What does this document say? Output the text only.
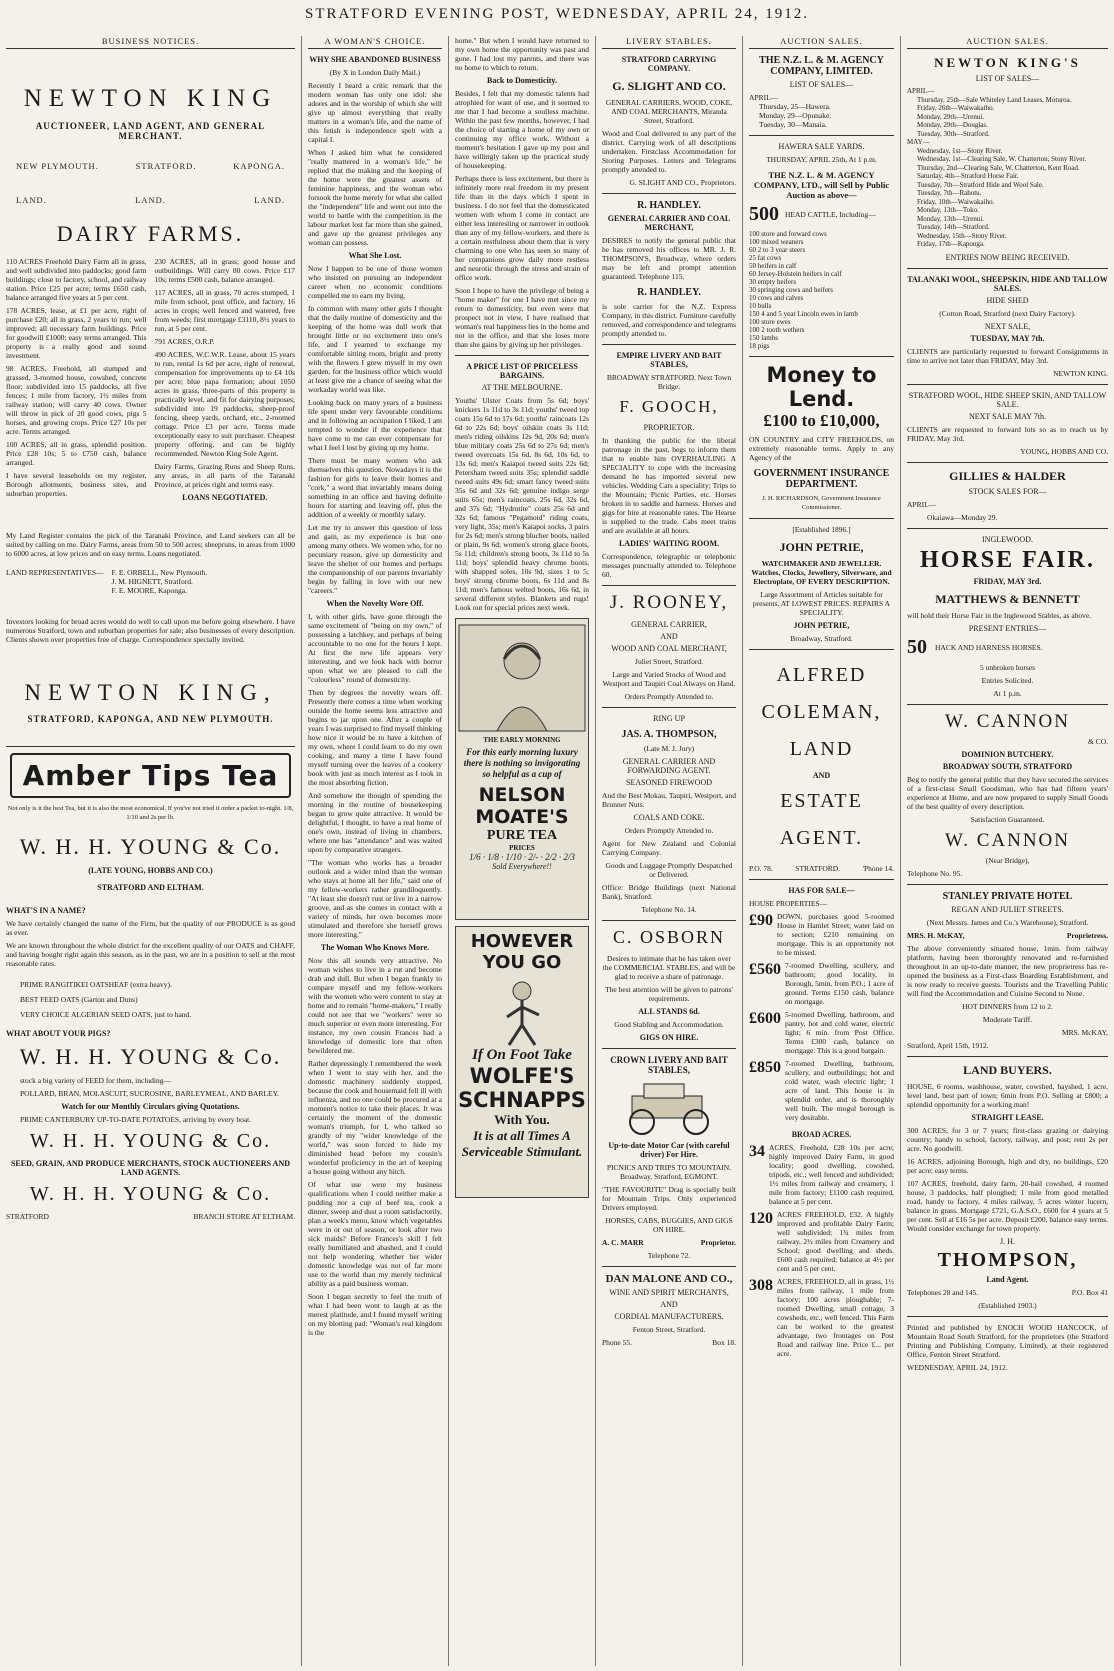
STRATFORD EVENING POST, WEDNESDAY, APRIL 24, 1912.
BUSINESS NOTICES.
NEWTON KING
AUCTIONEER, LAND AGENT, AND GENERAL MERCHANT.
NEW PLYMOUTH.	STRATFORD.	KAPONGA.
LAND.	LAND.	LAND.
DAIRY FARMS.

110 ACRES Freehold Dairy Farm all in grass, and well subdivided into paddocks; good farm buildings; close to factory, school, and railway station. Price £25 per acre; terms £650 cash, balance arranged five years at 5 per cent.

178 ACRES, lease, at £1 per acre, right of purchase £20; all in grass, 2 years to run; well improved; all necessary farm buildings. Price for goodwill £1000; easy terms arranged. This property is a really good and sound investment.

98 ACRES, Freehold, all stumped and grassed, 3-roomed house, cowshed, concrete floor; subdivided into 15 paddocks, all five fences; 1 mile from factory, 1½ miles from railway station; will carry 40 cows. Owner will throw in pick of 20 good cows, pigs 5 horses, and growing crops. Price £27 10s per acre. Terms arranged.

100 ACRES, all in grass, splendid position. Price £28 10s; 5 to £750 cash, balance arranged.

I have several leaseholds on my register, Borough allotments, business sites, and suburban properties.

230 ACRES, all in grass; good house and outbuildings. Will carry 80 cows. Price £17 10s; terms £500 cash, balance arranged.

117 ACRES, all in grass, 70 acres stumped, 1 mile from school, post office, and factory, 16 acres in crops; well fenced and watered, free from weeds; first mortgage £3110, 8½ years to run, at 5 per cent.

791 ACRES, O.R.P.

490 ACRES, W.C.W.R. Lease, about 15 years to run, rental 1s 6d per acre, right of renewal, compensation for improvements up to £4 10s per acre; blue papa formation; about 1050 acres in grass, three-parts of this property is practically level, and fit for dairying purposes; subdivided into 19 paddocks, sheep-proof fencing, sheep yards, orchard, etc., 2-roomed cottage. Price £3 per acre. Terms made exceptionally easy to suit purchaser. Cheapest property offering, and can be highly recommended. Newton King Sole Agent.

Dairy Farms, Grazing Runs and Sheep Runs, any areas, in all parts of the Taranaki Province, at prices right and terms easy.

LOANS NEGOTIATED.

My Land Register contains the pick of the Taranaki Province, and Land seekers can all be suited by calling on me. Dairy Farms, areas from 50 to 500 acres; sheepruns, in areas from 1000 to 6000 acres, at low prices and on easy terms. Loans negotiated.

LAND REPRESENTATIVES— F. E. ORBELL, New Plymouth.
J. M. HIGNETT, Stratford.
F. E. MOORE, Kaponga.

Investors looking for broad acres would do well to call upon me before going elsewhere. I have numerous Stratford, town and suburban properties for sale; also businesses of every description. Clients shown over properties free of charge. Correspondence specially invited.

NEWTON KING,
STRATFORD, KAPONGA, AND NEW PLYMOUTH.
Amber Tips Tea

Not only is it the best Tea, but it is also the most economical. If you've not tried it order a packet to-night. 1/8, 1/10 and 2s per lb.

W. H. H. YOUNG & Co.
(LATE YOUNG, HOBBS AND CO.)
STRATFORD AND ELTHAM.
WHAT'S IN A NAME?

We have certainly changed the name of the Firm, but the quality of our PRODUCE is as good as ever.

We are known throughout the whole district for the excellent quality of our OATS and CHAFF, and having bought right again this season, as in the past, we are in a position to sell at the most reasonable rates.

PRIME RANGITIKEI OATSHEAF (extra heavy).
BEST FEED OATS (Garton and Duns)
VERY CHOICE ALGERIAN SEED OATS, just to hand.
WHAT ABOUT YOUR PIGS?
W. H. H. YOUNG & Co.

stock a big variety of FEED for them, including—

POLLARD, BRAN, MOLASCUIT, SUCROSINE, BARLEYMEAL, AND BARLEY.

Watch for our Monthly Circulars giving Quotations.

PRIME CANTERBURY UP-TO-DATE POTATOES, arriving by every boat.

W. H. H. YOUNG & Co.
SEED, GRAIN, AND PRODUCE MERCHANTS, STOCK AUCTIONEERS AND LAND AGENTS.
W. H. H. YOUNG & Co.
STRATFORD	BRANCH STORE AT ELTHAM.
A WOMAN'S CHOICE.
WHY SHE ABANDONED BUSINESS
(By X in London Daily Mail.)

Recently I heard a critic remark that the modern woman has only one idol: she adores and in the worship of which she will give up almost everything that really matters in a woman's life, and the name of this fetish is independence spelt with a capital I.

When I asked him what he considered "really mattered in a woman's life," he replied that the making and the keeping of the home were the greatest assets of feminine happiness, and the woman who forsook the home merely for what she called the "independent" life and went out into the world to battle with the competition in the labour market lost far more than she gained, and gave up the greatest privileges any woman can possess.

What She Lost.

Now I happen to be one of those women who insisted on pursuing an independent career when no economic conditions compelled me to earn my living.

In common with many other girls I thought that the daily routine of domesticity and the keeping of the home was dull work that brought little or no excitement into one's life, and I yearned to exchange my comfortable sitting room, bright and pretty with the flowers I grew myself in my own garden, for the business office which would at least give me a chance of seeing what the workaday world was like.

Looking back on many years of a business life spent under very favourable conditions and in following an occupation I liked, I am tempted to wonder if the experience that have come to me can ever compensate for what I feel I lost by giving up my home.

There must be many women who ask themselves this question. Nowadays it is the fashion for girls to leave their homes and "cork," a word that invariably means doing something in an office and having definite hours for starting and leaving off, plus the addition of a weekly or monthly salary.

Let me try to answer this question of loss and gain, as my experience is but one among many others. We women who, for no pecuniary reason, give up domesticity and leave the shelter of our homes and perhaps the companionship of our parents invariably begin by falling in love with our new "careers."

When the Novelty Wore Off.

I, with other girls, have gone through the same excitement of "being on my own," of possessing a latchkey, and perhaps of being accountable to no one for the hours I kept. At first the new life appears very interesting, and we look back with horror upon what we are pleased to call the "colourless" round of domesticity.

Then by degrees the novelty wears off. Presently there comes a time when working outside the home seems less attractive and begins to jar upon one. After a couple of years I was surprised to find myself thinking how nice it would be to have a kitchen of my own, where I could learn to do my own cooking, and many a time I have found myself turning over the leaves of a cookery book with just as much interest as I took in the most absorbing fiction.

And somehow the thought of spending the morning in the routine of housekeeping began to grow quite attractive. It would be delightful, I thought, to have a real home of one's own, instead of living in chambers, where one has "attendance" and was waited upon by comparative strangers.

"The woman who works has a broader outlook and a wider mind than the woman who stays at home all her life," said one of my fellow-workers rather grandiloquently. "At least she doesn't rust or live in a narrow groove, and as she comes in contact with a variety of minds, her own becomes more stimulated and therefore she herself grows more interesting."

The Woman Who Knows More.

Now this all sounds very attractive. No woman wishes to live in a rut and become drab and dull. But when I began frankly to compare myself and my fellow-workers with the women who were content to stay at home and to remain "home-makers," I really could not see that we "workers" were so much superior or even more interesting. For instance, my own cousin Frances had a knowledge of domestic lore that often bewildered me.

Rather depressingly I remembered the week when I went to stay with her, and the domestic machinery suddenly stopped, because the cook and housemaid fell ill with influenza, and no one could be procured at a moment's notice to take their places. It was certainly the moment of the domestic woman's triumph, for I, who talked so grandly of my "wider knowledge of the world," was soon forced to hide my diminished head before my cousin's wonderful proficiency in the art of keeping a house going without any hitch.

Of what use were my business qualifications when I could neither make a pudding nor a cup of beef tea, cook a dinner, sweep and dust a room satisfactorily, plan a week's menu, know which vegetables were in or out of season, or look after two sick maids? Before Frances's skill I felt really humiliated and abashed, and I could not help wondering whether her wider domestic knowledge was not of far more use to the world than my merely technical ability as a paid business woman.

Soon I began secretly to feel the truth of what I had been wont to laugh at as the merest platitude, and I found myself writing on my blotting pad: "Woman's real kingdom is the

home." But when I would have returned to my own home the opportunity was past and gone. I had lost my parents, and there was no home to which to return.

Back to Domesticity.

Besides, I felt that my domestic talents had atrophied for want of use, and it seemed to me that I had become a soulless machine. Within the past few months, however, I had the choice of starting a home of my own or continuing my office work. Without a moment's hesitation I gave up my post and have willingly taken up the practical study of housekeeping.

Perhaps there is less excitement, but there is infinitely more real freedom in my present life than in the days which I spent in business. I do not feel that the domesticated women with whom I come in contact are either less interesting or narrower in outlook than any of my fellow-workers, and there is a certain restfulness about them that is very charming to one who has seen so many of her companions grow daily more restless and neurotic through the stress and strain of office work.

Soon I hope to have the privilege of being a "home maker" for one I have met since my return to domesticity, but even were that prospect not in view, I have realised that woman's real happiness lies in the home and not in the office, and that she loses more than she gains by giving up her privileges.

A PRICE LIST OF PRICELESS BARGAINS.
AT THE MELBOURNE.

Youths' Ulster Coats from 5s 6d; boys' knickers 1s 11d to 3s 11d; youths' tweed top coats 15s 6d to 17s 6d; youths' raincoats 12s 6d to 22s 6d; boys' oilskin coats 3s 11d; men's riding oilskins 12s 9d, 20s 6d; men's blue military coats 25s 6d to 27s 6d; men's tweed overcoats 15s 6d, 8s 6d, 10s 6d, to 13s 6d; men's Kaiapoi tweed suits 22s 6d; Petersham tweed suits 35s; splendid saddle tweed suits 49s 6d; smart fancy tweed suits 35s 6d and 32s 6d; genuine indigo serge suits 65s; men's raincoats, 25s 6d, 32s 6d, and 37s 6d; "Hydrotite" coats 25s 6d and 32s 6d; famous "Pegamoid" riding coats, very light, 35s; men's Kaiapoi socks, 3 pairs for 2s 6d; men's strong blucher boots, nailed or plain, 9s 6d; women's strong glace boots, 5s 11d; children's strong boots, 3s 11d to 5s 11d; boys' splendid heavy chrome boots, with shapped soles, 10s 9d, sizes 1 to 5; boys' strong chrome boots, 6s 11d and 8s 11d; men's famous welted boots, 16s 6d, in several different styles. Blankets and rugs! Look out for special prices next week.

THE EARLY MORNING
For this early morning luxury there is nothing so invigorating so helpful as a cup of
NELSON MOATE'S
PURE TEA
PRICES
1/6 · 1/8 · 1/10 · 2/- · 2/2 · 2/3
Sold Everywhere!!
HOWEVER YOU GO
If On Foot Take
WOLFE'S SCHNAPPS
With You.
It is at all Times A Serviceable Stimulant.
LIVERY STABLES.
STRATFORD CARRYING COMPANY.
G. SLIGHT AND CO.
GENERAL CARRIERS, WOOD, COKE, AND COAL MERCHANTS, Miranda Street, Stratford.

Wood and Coal delivered to any part of the district. Carrying work of all descriptions undertaken. Firstclass Accommodation for Storing Purposes. Letters and Telegrams promptly attended to.

G. SLIGHT AND CO., Proprietors.
R. HANDLEY.
GENERAL CARRIER AND COAL MERCHANT,

DESIRES to notify the general public that he has removed his offices to MR. J. R. THOMPSON'S, Broadway, where orders may be left and prompt attention guaranteed. Telephone 115.

R. HANDLEY.

is sole carrier for the N.Z. Express Company, in this district. Furniture carefully removed, and correspondence and telegrams promptly attended to.

EMPIRE LIVERY AND BAIT STABLES,
BROADWAY STRATFORD. Next Town Bridge.
F. GOOCH,
PROPRIETOR.

In thanking the public for the liberal patronage in the past, begs to inform them that to enable him OVERHAULING A SPECIALITY to cope with the increasing demand he has imported several new vehicles. Wedding Cars a speciality; Trips to the Mountain; Picnic Parties, etc. Horses broken in to saddle and harness. Horses and gigs for hire at reasonable rates. The Hearse is supplied to the trade. Cabs meet trains and are available at all hours.

LADIES' WAITING ROOM.

Correspondence, telegraphic or telephonic messages punctually attended to. Telephone 60.

J. ROONEY,
GENERAL CARRIER,
AND
WOOD AND COAL MERCHANT,
Juliet Street, Stratford.

Large and Varied Stocks of Wood and Westport and Taupiri Coal Always on Hand.

Orders Promptly Attended to.
RING UP
JAS. A. THOMPSON,
(Late M. J. Jury)
GENERAL CARRIER AND FORWARDING AGENT.
SEASONED FIREWOOD

And the Best Mokau, Taupiri, Westport, and Brunner Nuts.

COALS AND COKE.
Orders Promptly Attended to.

Agent for New Zealand and Colonial Carrying Company.

Goods and Luggage Promptly Despatched or Delivered.

Office: Bridge Buildings (next National Bank), Stratford.

Telephone No. 14.
C. OSBORN

Desires to intimate that he has taken over the COMMERCIAL STABLES, and will be glad to receive a share of patronage.

The best attention will be given to patrons' requirements.

ALL STANDS 6d.
Good Stabling and Accommodation.
GIGS ON HIRE.
CROWN LIVERY AND BAIT STABLES,
Up-to-date Motor Car (with careful driver) For Hire.

PICNICS AND TRIPS TO MOUNTAIN. Broadway, Stratford, EGMONT.

"THE FAVOURITE" Drag is specially built for Mountain Trips. Only experienced Drivers employed.

HORSES, CABS, BUGGIES, AND GIGS ON HIRE.

A. C. MARR	Proprietor.
Telephone 72.
DAN MALONE AND CO.,
WINE AND SPIRIT MERCHANTS,
AND
CORDIAL MANUFACTURERS.
Fenton Street, Stratford.
Phone 55.	Box 18.
AUCTION SALES.
THE N.Z. L. & M. AGENCY COMPANY, LIMITED.
LIST OF SALES—
APRIL—
Thursday, 25—Hawera.
Monday, 29—Opunake.
Tuesday, 30—Manaia.
HAWERA SALE YARDS.
THURSDAY, APRIL 25th, At 1 p.m.
THE N.Z. L. & M. AGENCY COMPANY, LTD., will Sell by Public Auction as above—
500 HEAD CATTLE, Including—
100 store and forward cows
100 mixed weaners
60 2 to 3 year steers
25 fat cows
50 heifers in calf
60 Jersey-Holstein heifers in calf
30 empty heifers
30 springing cows and heifers
10 cows and calves
10 bulls
150 4 and 5 year Lincoln ewes in lamb
100 store ewes
100 2 tooth wethers
150 lambs
18 pigs
Money to Lend.
£100 to £10,000,

ON COUNTRY and CITY FREEHOLDS, on extremely reasonable terms. Apply to any Agency of the

GOVERNMENT INSURANCE DEPARTMENT.
J. H. RICHARDSON, Government Insurance Commissioner.
[Established 1896.]
JOHN PETRIE,

WATCHMAKER AND JEWELLER. Watches, Clocks, Jewellery, Silverware, and Electroplate, OF EVERY DESCRIPTION.

Large Assortment of Articles suitable for presents. AT LOWEST PRICES. REPAIRS A SPECIALITY.

JOHN PETRIE,
Broadway, Stratford.
ALFRED
COLEMAN,
LAND
AND
ESTATE
AGENT.
P.O. 78.	STRATFORD.	'Phone 14.
HAS FOR SALE—
HOUSE PROPERTIES—
£90 DOWN, purchases good 5-roomed House in Hamlet Street; water laid on to section; £210 remaining on mortgage. This is an opportunity not to be missed.
£560 7-roomed Dwelling, scullery, and bathroom; good locality, in Borough, 5min. from P.O.; 1 acre of ground. Terms £150 cash, balance on mortgage.
£600 5-roomed Dwelling, bathroom, and pantry, hot and cold water, electric light; 6 min. from Post Office. Terms £300 cash, balance on mortgage. This is a good bargain.
£850 7-roomed Dwelling, bathroom, scullery, and outbuildings; hot and cold water, wash electric light; 1 acre of land. This house is in splendid order, and is thoroughly well built. The mogul borough is very desirable.
BROAD ACRES.
34 ACRES, Freehold, £28 10s per acre; highly improved Dairy Farm, in good locality; good dwelling, cowshed, tripods, etc.; well fenced and subdivided; 1½ miles from railway and creamery, 1 mile from factory; £1100 cash required, balance at 5 per cent.
120 ACRES FREEHOLD, £32. A highly improved and profitable Dairy Farm; well subdivided; 1¾ miles from railway, 2½ miles from Creamery and School; good dwelling and sheds. £600 cash required; balance at 4½ per cent and 5 per cent.
308 ACRES, FREEHOLD, all in grass, 1½ miles from railway, 1 mile from factory; 100 acres ploughable; 7-roomed Dwelling, small cottage, 3 cowsheds, etc.; well fenced. This Farm can be worked to the greatest advantage, two frontages on Post Road and railway line. Price £... per acre.
AUCTION SALES.
NEWTON KING'S
LIST OF SALES—
APRIL—
Thursday, 25th—Sale Whiteley Land Leases, Moturoa.
Friday, 26th—Waiwakaiho.
Monday, 29th—Urenui.
Monday, 29th—Douglas.
Tuesday, 30th—Stratford.
MAY—
Wednesday, 1st—Stony River.
Wednesday, 1st—Clearing Sale, W. Chatterton, Stony River.
Thursday, 2nd—Clearing Sale, W. Chatterton, Kent Road.
Saturday, 4th—Stratford Horse Fair.
Tuesday, 7th—Stratford Hide and Wool Sale.
Tuesday, 7th—Rahotu.
Friday, 10th—Waiwakaiho.
Monday, 13th—Toko.
Monday, 13th—Urenui.
Tuesday, 14th—Stratford.
Wednesday, 15th—Stony River.
Friday, 17th—Kaponga.
ENTRIES NOW BEING RECEIVED.
TALANAKI WOOL, SHEEPSKIN, HIDE AND TALLOW SALES.
HIDE SHED
(Cotton Road, Stratford (next Dairy Factory).
NEXT SALE,
TUESDAY, MAY 7th.

CLIENTS are particularly requested to forward Consignments in time to arrive not later than FRIDAY, May 3rd.

NEWTON KING.
STRATFORD WOOL, HIDE SHEEP SKIN, AND TALLOW SALE.
NEXT SALE MAY 7th.

CLIENTS are requested to forward lots so as to reach us by FRIDAY, May 3rd.

YOUNG, HOBBS AND CO.
GILLIES & HALDER
STOCK SALES FOR—
APRIL—
Okaiawa—Monday 29.
INGLEWOOD.
HORSE FAIR.
FRIDAY, MAY 3rd.
MATTHEWS & BENNETT

will hold their Horse Fair in the Inglewood Stables, as above.

PRESENT ENTRIES—
50 HACK AND HARNESS HORSES.
5 unbroken horses
Entries Solicited.
At 1 p.m.
W. CANNON
& CO.
DOMINION BUTCHERY.
BROADWAY SOUTH, STRATFORD

Beg to notify the general public that they have secured the services of a first-class Small Goodsman, who has had fifteen years' experience at Home, and are now prepared to supply Small Goods of the best quality of every description.

Satisfaction Guaranteed.
W. CANNON
(Near Bridge),
Telephone No. 95.
STANLEY PRIVATE HOTEL
REGAN AND JULIET STREETS.
(Next Messrs. James and Co.'s Warehouse), Stratford.
MRS. H. McKAY,	Proprietress.

The above conveniently situated house, 1min. from railway platform, having been thoroughly renovated and re-furnished throughout in an up-to-date manner, the new proprietress has re-opened the business as a First-class Boarding Establishment, and is now ready to receive guests. Tourists and the Travelling Public will find the Accommodation and Cuisine Second to None.

HOT DINNERS from 12 to 2.
Moderate Tariff.
MRS. McKAY,
Stratford, April 15th, 1912.
LAND BUYERS.

HOUSE, 6 rooms, washhouse, water, cowshed, hayshed, 1 acre, level land, best part of town; 6min from P.O. Selling at £800; a splendid opportunity for a working man!

STRAIGHT LEASE.

300 ACRES, for 3 or 7 years; first-class grazing or dairying country; handy to school, factory, railway, and post; rent 2s per acre. No goodwill.

16 ACRES, adjoining Borough, high and dry, no buildings, £20 per acre; easy terms.

107 ACRES, freehold, dairy farm, 20-bail cowshed, 4 roomed house, 3 paddocks, half ploughed; 1 mile from good metalled road, handy to factory, 4 miles railway, 5 acres winter lucern, balance in grass. Mortgage £721, G.A.S.O., £600 for 4 years at 5 per cent. Sell at £16 5s per acre. Deposit £200, balance easy terms. Would consider exchange for town property.

J. H.
THOMPSON,
Land Agent.
Telephones 28 and 145.	P.O. Box 41
(Established 1903.)

Printed and published by ENOCH WOOD HANCOCK, of Mountain Road South Stratford, for the proprietors (the Stratford Printing and Publishing Company, Limited), at their registered Office, Fenton Street Stratford.

WEDNESDAY, APRIL 24, 1912.
